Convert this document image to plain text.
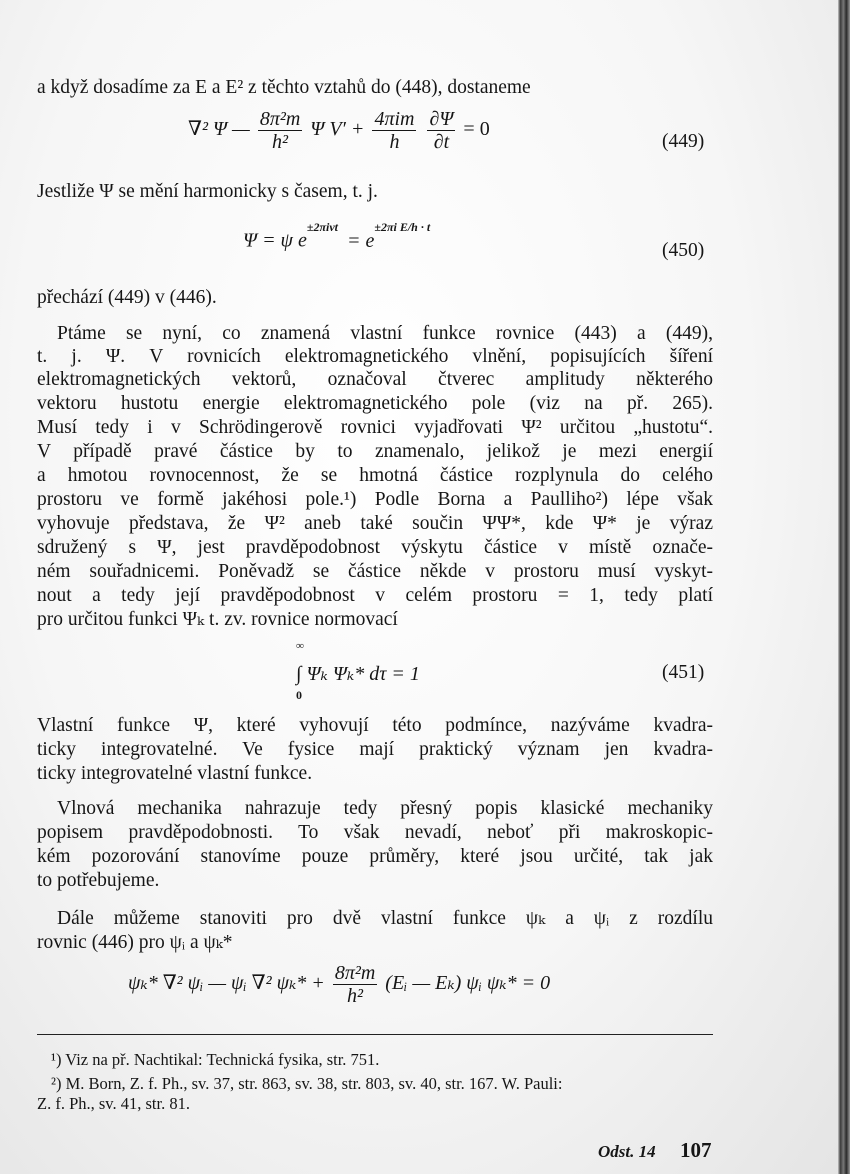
a když dosadíme za E a E² z těchto vztahů do (448), dostaneme
∇² Ψ — $\frac{\text{8π²m}}{\text{h²}}$ Ψ $V' + \frac{\text{4πim}}{h}$
$\frac{\partial\Psi}{\partial t} = 0$
(449)
Jestliže Ψ se mění harmonicky s časem, t. j.
Ψ = ψ $e^{\pm 2\pi ivt} = e^{\pm 2\pi i E/h \cdot t}$
(450)
přechází (449) v (446).
Ptáme se nyní, co znamená vlastní funkce rovnice (443) a (449),
t. j. Ψ. V rovnicích elektromagnetického vlnění, popisujících šíření
elektromagnetických vektorů, označoval čtverec amplitudy některého
vektoru hustotu energie elektromagnetického pole (viz na př. 265).
Musí tedy i v Schrödingerově rovnici vyjadřovati Ψ² určitou „hustotu“.
V případě pravé částice by to znamenalo, jelikož je mezi energií
a hmotou rovnocennost, že se hmotná částice rozplynula do celého
prostoru ve formě jakéhosi pole.¹) Podle Borna a Paulliho²) lépe však
vyhovuje představa, že Ψ² aneb také součin ΨΨ*, kde Ψ* je výraz
sdružený s Ψ, jest pravděpodobnost výskytu částice v místě označe-
ném souřadnicemi. Poněvadž se částice někde v prostoru musí vyskyt-
nout a tedy její pravděpodobnost v celém prostoru = 1, tedy platí
pro určitou funkci Ψₖ t. zv. rovnice normovací
∞
0
∫ Ψₖ Ψₖ* dτ = 1	(451)
Vlastní funkce Ψ, které vyhovují této podmínce, nazýváme kvadra-
ticky integrovatelné. Ve fysice mají praktický význam jen kvadra-
ticky integrovatelné vlastní funkce.
Vlnová mechanika nahrazuje tedy přesný popis klasické mechaniky
popisem pravděpodobnosti. To však nevadí, neboť při makroskopic-
kém pozorování stanovíme pouze průměry, které jsou určité, tak jak
to potřebujeme.
Dále můžeme stanoviti pro dvě vlastní funkce ψₖ a ψᵢ z rozdílu
rovnic (446) pro ψᵢ a ψₖ*
ψₖ* ∇² ψᵢ — ψᵢ ∇² $\psi_k* + \frac{\text{8π²m}}{\text{h²}}$ (Eᵢ — Eₖ) ψᵢ ψₖ* = 0
¹) Viz na př. Nachtikal: Technická fysika, str. 751.
²) M. Born, Z. f. Ph., sv. 37, str. 863, sv. 38, str. 803, sv. 40, str. 167. W. Pauli:
Z. f. Ph., sv. 41, str. 81.
Odst. 14 107
